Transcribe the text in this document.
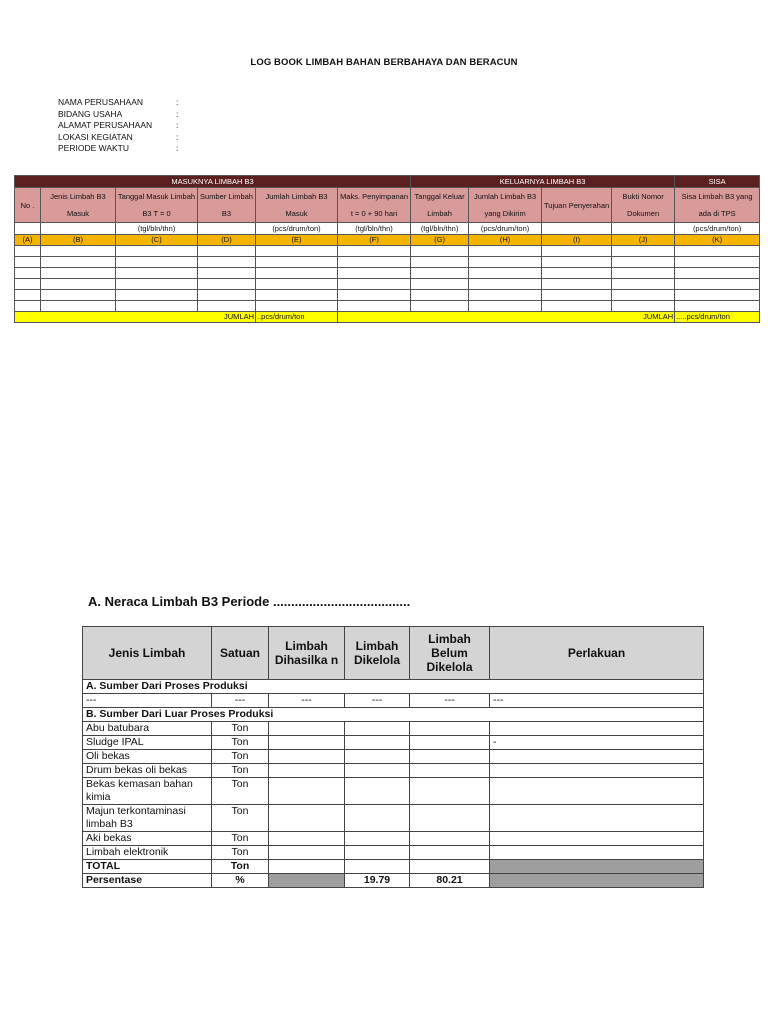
LOG BOOK LIMBAH BAHAN BERBAHAYA DAN BERACUN
NAMA PERUSAHAAN	:
BIDANG USAHA	:
ALAMAT PERUSAHAAN	:
LOKASI KEGIATAN	:
PERIODE WAKTU	:
MASUKNYA LIMBAH B3						KELUARNYA LIMBAH B3				SISA
No .	Jenis Limbah B3 Masuk	Tanggal Masuk Limbah B3 T = 0	Sumber Limbah B3	Jumlah Limbah B3 Masuk	Maks. Penyimpanan t = 0 + 90 hari	Tanggal Keluar Limbah	Jumlah Limbah B3 yang Dikirim	Tujuan Penyerahan	Bukti Nomor Dokumen	Sisa Limbah B3 yang ada di TPS
		(tgl/bln/thn)		(pcs/drum/ton)	(tgl/bln/thn)	(tgl/bln/thn)	(pcs/drum/ton)			(pcs/drum/ton)
(A)	(B)	(C)	(D)	(E)	(F)	(G)	(H)	(I)	(J)	(K)

JUMLAH				..pcs/drum/ton	JUMLAH					.....pcs/drum/ton
A. Neraca Limbah B3 Periode ......................................
Jenis Limbah	Satuan	Limbah Dihasilka n	Limbah Dikelola	Limbah Belum Dikelola	Perlakuan
A. Sumber Dari Proses Produksi					
---	---	---	---	---	---
B. Sumber Dari Luar Proses Produksi					
Abu batubara	Ton				
Sludge IPAL	Ton				-
Oli bekas	Ton				
Drum bekas oli bekas	Ton				
Bekas kemasan bahan kimia	Ton				
Majun terkontaminasi limbah B3	Ton				
Aki bekas	Ton				
Limbah elektronik	Ton				
TOTAL	Ton				
Persentase	%		19.79	80.21	
